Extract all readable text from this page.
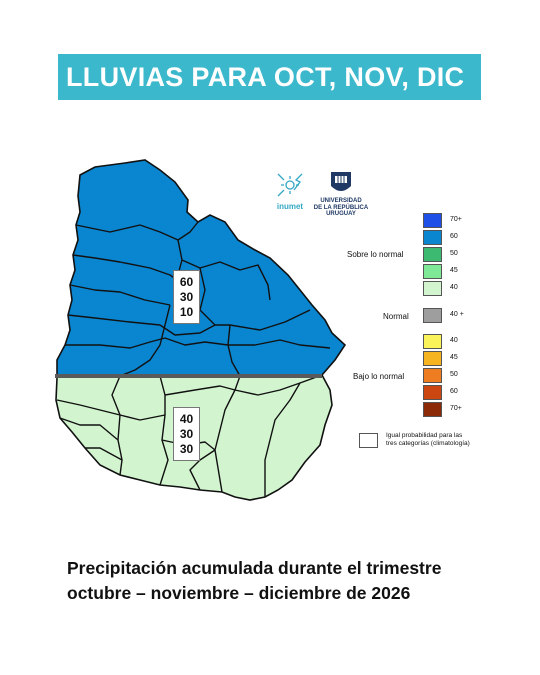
LLUVIAS PARA OCT, NOV, DIC
inumet
UNIVERSIDAD
DE LA REPÚBLICA
URUGUAY
60
30
10
40
30
30
Sobre lo normal
Normal
Bajo lo normal
70+
60
50
45
40
40 +
40
45
50
60
70+
Igual probabilidad para las
tres categorías (climatología)
Precipitación acumulada durante el trimestre
octubre – noviembre – diciembre de 2026
